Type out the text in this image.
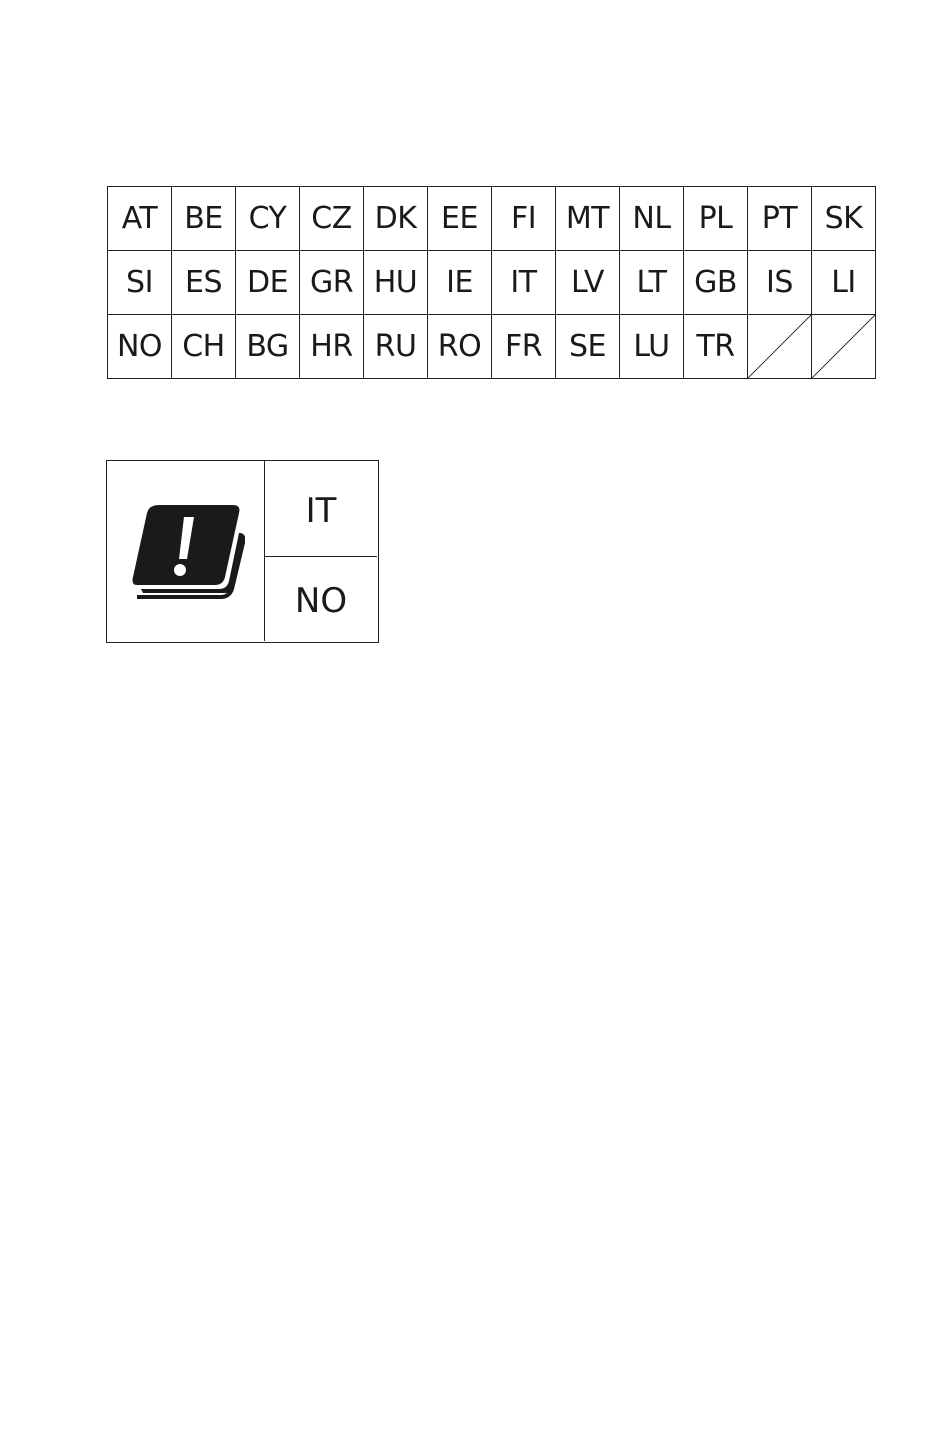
AT	BE	CY	CZ	DK	EE	FI	MT	NL	PL	PT	SK
SI	ES	DE	GR	HU	IE	IT	LV	LT	GB	IS	LI
NO	CH	BG	HR	RU	RO	FR	SE	LU	TR	

IT
NO
